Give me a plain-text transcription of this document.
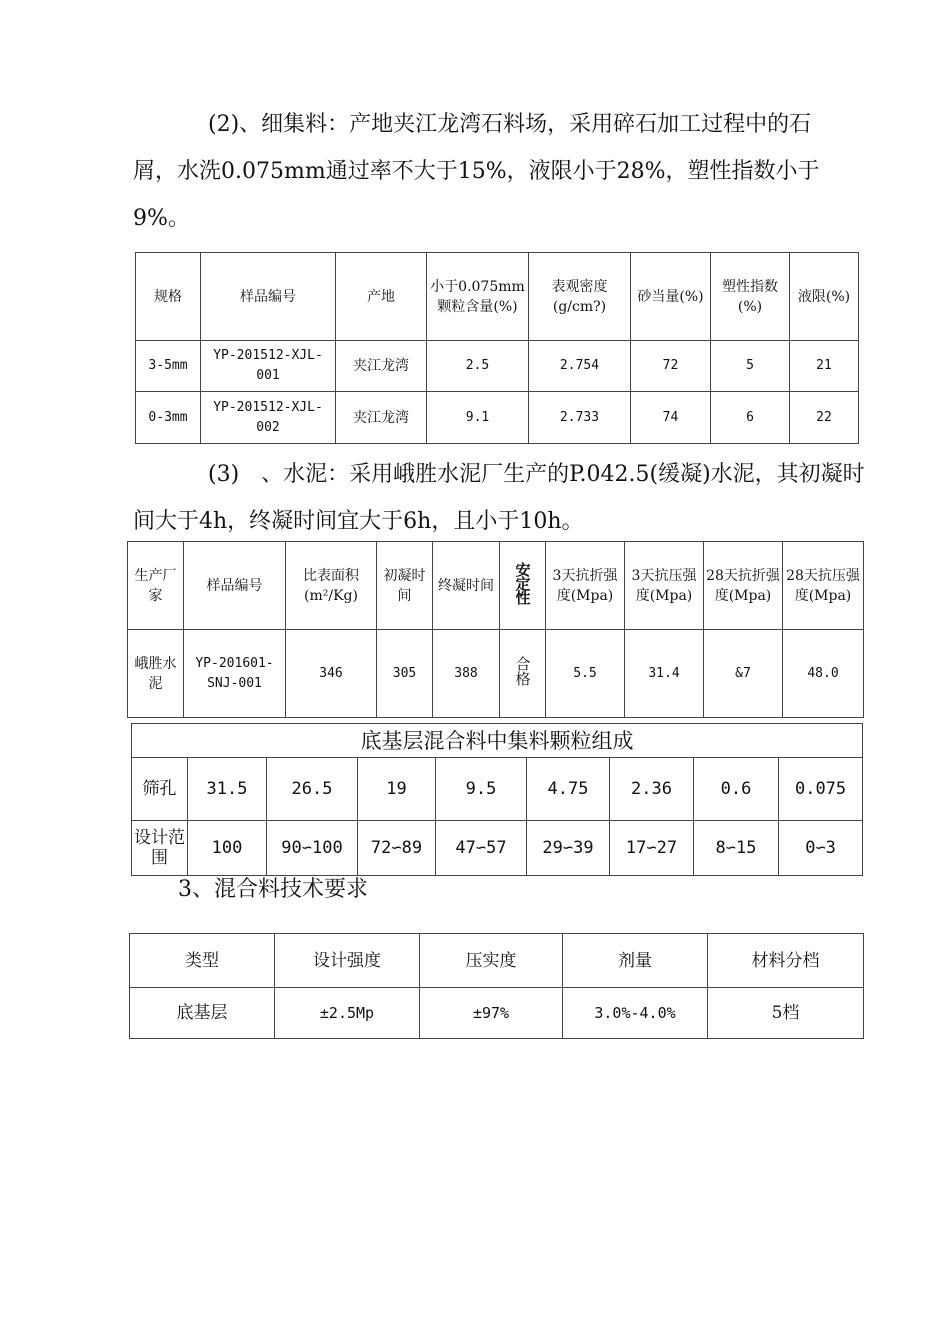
(2)、细集料：产地夹江龙湾石料场，采用碎石加工过程中的石屑，水洗0.075mm通过率不大于15%，液限小于28%，塑性指数小于9%。

规格	样品编号	产地	小于0.075mm颗粒含量(%)	表观密度(g/cm?)	砂当量(%)	塑性指数(%)	液限(%)
3-5mm	YP-201512-XJL-001	夹江龙湾	2.5	2.754	72	5	21
0-3mm	YP-201512-XJL-002	夹江龙湾	9.1	2.733	74	6	22

(3)　、水泥：采用峨胜水泥厂生产的P.042.5(缓凝)水泥，其初凝时间大于4h，终凝时间宜大于6h，且小于10h。

生产厂家	样品编号	比表面积(m²/Kg)	初凝时间	终凝时间	安定性	3天抗折强度(Mpa)	3天抗压强度(Mpa)	28天抗折强度(Mpa)	28天抗压强度(Mpa)
峨胜水泥	YP-201601-SNJ-001	346	305	388	合格	5.5	31.4	&7	48.0
底基层混合料中集料颗粒组成								
筛孔	31.5	26.5	19	9.5	4.75	2.36	0.6	0.075
设计范围	100	90∽100	72∽89	47∽57	29∽39	17∽27	8∽15	0∽3

3、混合料技术要求

类型	设计强度	压实度	剂量	材料分档
底基层	±2.5Mp	±97%	3.0%-4.0%	5档
